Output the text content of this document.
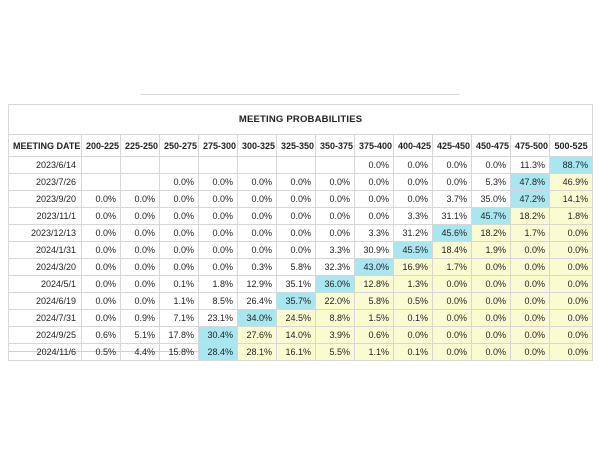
MEETING PROBABILITIES													
MEETING DATE	200-225	225-250	250-275	275-300	300-325	325-350	350-375	375-400	400-425	425-450	450-475	475-500	500-525
2023/6/14								0.0%	0.0%	0.0%	0.0%	11.3%	88.7%
2023/7/26			0.0%	0.0%	0.0%	0.0%	0.0%	0.0%	0.0%	0.0%	5.3%	47.8%	46.9%
2023/9/20	0.0%	0.0%	0.0%	0.0%	0.0%	0.0%	0.0%	0.0%	0.0%	3.7%	35.0%	47.2%	14.1%
2023/11/1	0.0%	0.0%	0.0%	0.0%	0.0%	0.0%	0.0%	0.0%	3.3%	31.1%	45.7%	18.2%	1.8%
2023/12/13	0.0%	0.0%	0.0%	0.0%	0.0%	0.0%	0.0%	3.3%	31.2%	45.6%	18.2%	1.7%	0.0%
2024/1/31	0.0%	0.0%	0.0%	0.0%	0.0%	0.0%	3.3%	30.9%	45.5%	18.4%	1.9%	0.0%	0.0%
2024/3/20	0.0%	0.0%	0.0%	0.0%	0.3%	5.8%	32.3%	43.0%	16.9%	1.7%	0.0%	0.0%	0.0%
2024/5/1	0.0%	0.0%	0.1%	1.8%	12.9%	35.1%	36.0%	12.8%	1.3%	0.0%	0.0%	0.0%	0.0%
2024/6/19	0.0%	0.0%	1.1%	8.5%	26.4%	35.7%	22.0%	5.8%	0.5%	0.0%	0.0%	0.0%	0.0%
2024/7/31	0.0%	0.9%	7.1%	23.1%	34.0%	24.5%	8.8%	1.5%	0.1%	0.0%	0.0%	0.0%	0.0%
2024/9/25	0.6%	5.1%	17.8%	30.4%	27.6%	14.0%	3.9%	0.6%	0.0%	0.0%	0.0%	0.0%	0.0%
2024/11/6	0.5%	4.4%	15.8%	28.4%	28.1%	16.1%	5.5%	1.1%	0.1%	0.0%	0.0%	0.0%	0.0%
